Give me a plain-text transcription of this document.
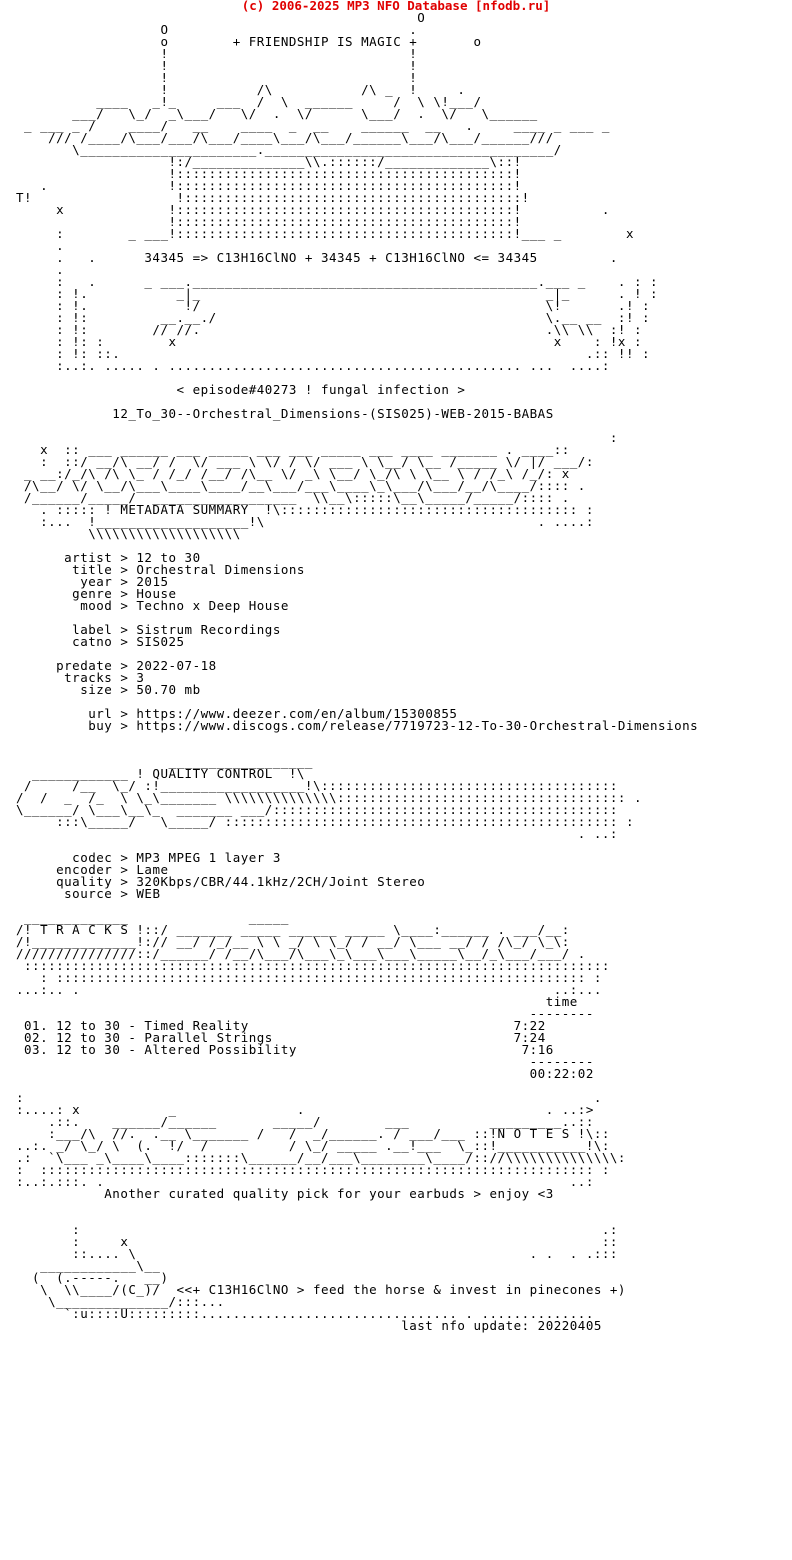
(c) 2006-2025 MP3 NFO Database [nfodb.ru]
O
O                              .
o        + FRIENDSHIP IS MAGIC +       o
!                              !
!                              !
!                              !
!           /\           /\ _  !     .
____   _!_     ___  /  \  ______     /  \ \!___/
___/   \_/  _\___/   \/  .  \/      \___/  .  \/   \______
_ ___ _ /    ____/   __    ____  _  __    ______  __   .     ____ _ ___ _
/// /____/\___/___/\___/____\___/\___/______\___/\___/______///
\______________________.____________________________________/
!:/______________\\.::::::/_____________\::!
!::::::::::::::::::::::::::::::::::::::::::!
.               !::::::::::::::::::::::::::::::::::::::::::!
T!                  !::::::::::::::::::::::::::::::::::::::::::!
x             !::::::::::::::::::::::::::::::::::::::::::!          .
!::::::::::::::::::::::::::::::::::::::::::!
:        _ ___!::::::::::::::::::::::::::::::::::::::::::!___ _        x
.
.   .      34345 => C13H16ClNO + 34345 + C13H16ClNO <= 34345         .
.
:   .      _ ___.___________________________________________.___ _    . : :
: !.           _|_                                           _|_      . ! :
: !.            !/                                           \!       .! :
: !:         __.__./                                         \.__ __  :! :
: !:        // //.                                           .\\ \\  :! :
: !: :        x                                               x    : !x :
: !: ::.                                                          .:: !! :
:..:. ..... . ............................................ ...  ....:

< episode#40273 ! fungal infection >

12_To_30--Orchestral_Dimensions-(SIS025)-WEB-2015-BABAS

:
x  :: ___ ______ ___ _____ ___ ___ _____ ___ ____ _______ . ____::
:  ::/ __/\ __/ /  \/ ___ \ \/ / \/ ___ \ \__/ \__ /_____ \/ |/ ___/:
_ __:/_/\ /\ \_ / /_/ /__/ /\__ \/ _\ \__/ \_/\ \ \__ \ / /_\ /_/: x
/\__/ \/ \__/\___\____\____/__\___/___\____\_\___/\___/__/\____/:::: .
/______/_____/  __________________  \\__\:::::\__\_____/_____/:::: .
. ::::: ! METADATA SUMMARY  !\::::::::::::::::::::::::::::::::::::: :
:...  !___________________!\                                  . ....:
\\\\\\\\\\\\\\\\\\\

artist > 12 to 30
title > Orchestral Dimensions
year > 2015
genre > House
mood > Techno x Deep House

label > Sistrum Recordings
catno > SIS025

predate > 2022-07-18
tracks > 3
size > 50.70 mb

url > https://www.deezer.com/en/album/15300855
buy > https://www.discogs.com/release/7719723-12-To-30-Orchestral-Dimensions

__________________
____________ ! QUALITY CONTROL  !\
/     /__  \_/ :!__________________!\:::::::::::::::::::::::::::::::::::::
/  /  _  /_  \ \_\_______ \\\\\\\\\\\\\\:::::::::::::::::::::::::::::::::::: .
\______/ \___\__\_  _______ ___/:::::::::::::::::::::::::::::::::::::::::::
:::\_____/   \_____/ ::::::::::::::::::::::::::::::::::::::::::::::::: :
. ..:

codec > MP3 MPEG 1 layer 3
encoder > Lame
quality > 320Kbps/CBR/44.1kHz/2CH/Joint Stereo
source > WEB

_____________               _____
/! T R A C K S !::/ _______ _____ ______ _____ \____:______ . ___/__:
/!_____________!:// __/ /_/__ \ \ _/ \ \_/ / __/ \___ __/ / /\_/ \_\:
///////////////::/______/ /__/\___/\___\_\___\___\_____\__/_\___/___/ .
:::::::::::::::::::::::::::::::::::::::::::::::::::::::::::::::::::::::::
: :::::::::::::::::::::::::::::::::::::::::::::::::::::::::::::::::: :
...:.. .                                                           ..:...
time
--------
01. 12 to 30 - Timed Reality	7:22
02. 12 to 30 - Parallel Strings	7:24
03. 12 to 30 - Altered Possibility	7:16
--------
00:22:02

:                                                                       .
:....: x           _               .                              . ..:>
.::.    ______/______       _____/        ___          _________..::
:___/\  //.  .__ \_______ /   /  _/______. / ___/___ ::!N O T E S !\::
..:. _/ \_/ \  (.  !/  /          / \_/ _____ .__!___  \_::!___________!\:
.:  `\___ _\____\____:::::::\______/__/___\________\____/:://\\\\\\\\\\\\\\:
:  ::::::::::::::::::::::::::::::::::::::::::::::::::::::::::::::::::::: :
:..:.:::. .                                                          ..:
Another curated quality pick for your earbuds > enjoy <3

:                                                                 .:
:     x                                                           ::
::.... \                                                 . .  . .:::
____________\__
(  (.-----.   __)
\  \\____/(C_)/  <<+ C13H16ClNO > feed the horse & invest in pinecones +)
\______________/:::...
`:u::::U:::::::::................................ . ..............
last nfo update: 20220405
